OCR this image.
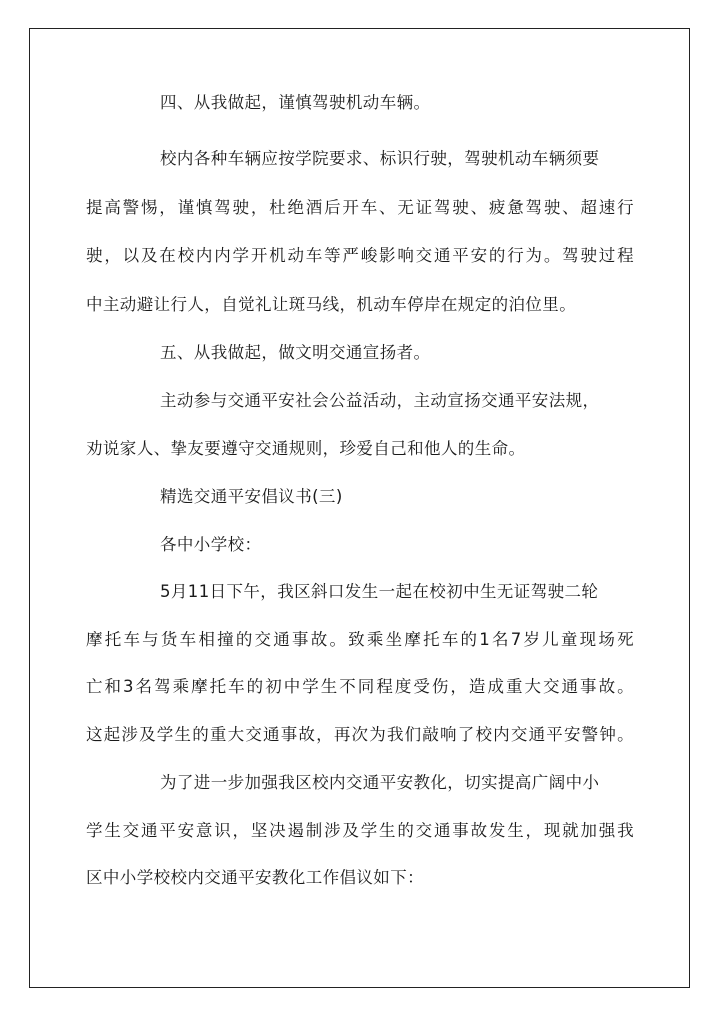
四、从我做起，谨慎驾驶机动车辆。
校内各种车辆应按学院要求、标识行驶，驾驶机动车辆须要
提高警惕，谨慎驾驶，杜绝酒后开车、无证驾驶、疲惫驾驶、超速行
驶，以及在校内内学开机动车等严峻影响交通平安的行为。驾驶过程
中主动避让行人，自觉礼让斑马线，机动车停岸在规定的泊位里。
五、从我做起，做文明交通宣扬者。
主动参与交通平安社会公益活动，主动宣扬交通平安法规，
劝说家人、挚友要遵守交通规则，珍爱自己和他人的生命。
精选交通平安倡议书(三)
各中小学校：
5月11日下午，我区斜口发生一起在校初中生无证驾驶二轮
摩托车与货车相撞的交通事故。致乘坐摩托车的1名7岁儿童现场死
亡和3名驾乘摩托车的初中学生不同程度受伤，造成重大交通事故。
这起涉及学生的重大交通事故，再次为我们敲响了校内交通平安警钟。
为了进一步加强我区校内交通平安教化，切实提高广阔中小
学生交通平安意识，坚决遏制涉及学生的交通事故发生，现就加强我
区中小学校校内交通平安教化工作倡议如下：
